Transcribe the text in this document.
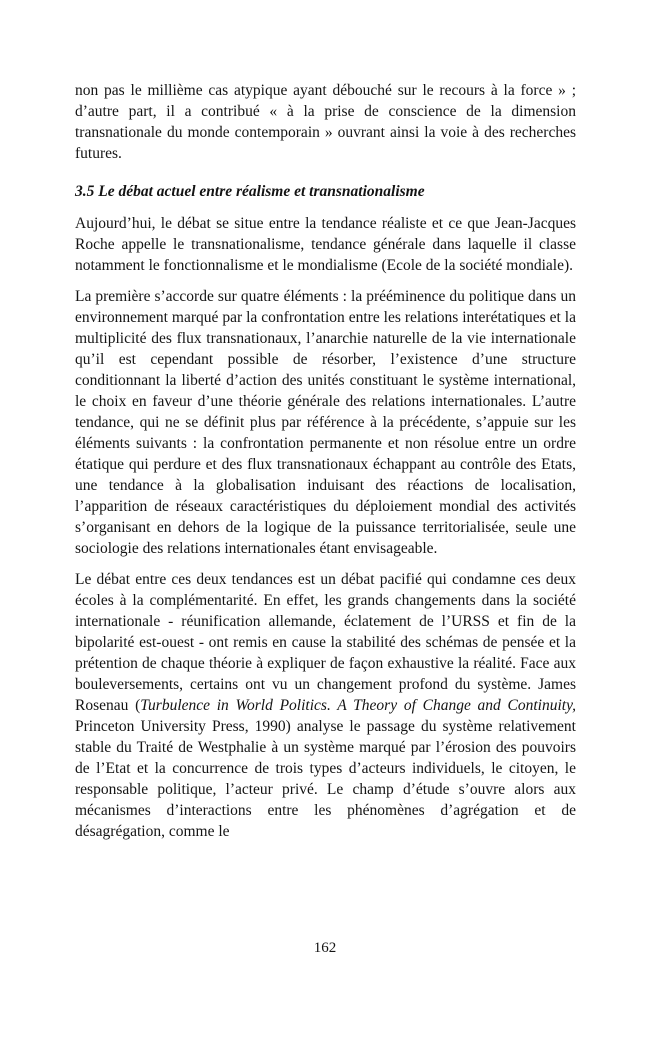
non pas le millième cas atypique ayant débouché sur le recours à la force » ; d’autre part, il a contribué « à la prise de conscience de la dimension transnationale du monde contemporain » ouvrant ainsi la voie à des recherches futures.

3.5 Le débat actuel entre réalisme et transnationalisme

Aujourd’hui, le débat se situe entre la tendance réaliste et ce que Jean-Jacques Roche appelle le transnationalisme, tendance générale dans laquelle il classe notamment le fonctionnalisme et le mondialisme (Ecole de la société mondiale).

La première s’accorde sur quatre éléments : la prééminence du politique dans un environnement marqué par la confrontation entre les relations interétatiques et la multiplicité des flux transnationaux, l’anarchie naturelle de la vie internationale qu’il est cependant possible de résorber, l’existence d’une structure conditionnant la liberté d’action des unités constituant le système international, le choix en faveur d’une théorie générale des relations internationales. L’autre tendance, qui ne se définit plus par référence à la précédente, s’appuie sur les éléments suivants : la confrontation permanente et non résolue entre un ordre étatique qui perdure et des flux transnationaux échappant au contrôle des Etats, une tendance à la globalisation induisant des réactions de localisation, l’apparition de réseaux caractéristiques du déploiement mondial des activités s’organisant en dehors de la logique de la puissance territorialisée, seule une sociologie des relations internationales étant envisageable.

Le débat entre ces deux tendances est un débat pacifié qui condamne ces deux écoles à la complémentarité. En effet, les grands changements dans la société internationale - réunification allemande, éclatement de l’URSS et fin de la bipolarité est-ouest - ont remis en cause la stabilité des schémas de pensée et la prétention de chaque théorie à expliquer de façon exhaustive la réalité. Face aux bouleversements, certains ont vu un changement profond du système. James Rosenau (Turbulence in World Politics. A Theory of Change and Continuity, Princeton University Press, 1990) analyse le passage du système relativement stable du Traité de Westphalie à un système marqué par l’érosion des pouvoirs de l’Etat et la concurrence de trois types d’acteurs individuels, le citoyen, le responsable politique, l’acteur privé. Le champ d’étude s’ouvre alors aux mécanismes d’interactions entre les phénomènes d’agrégation et de désagrégation, comme le

162
